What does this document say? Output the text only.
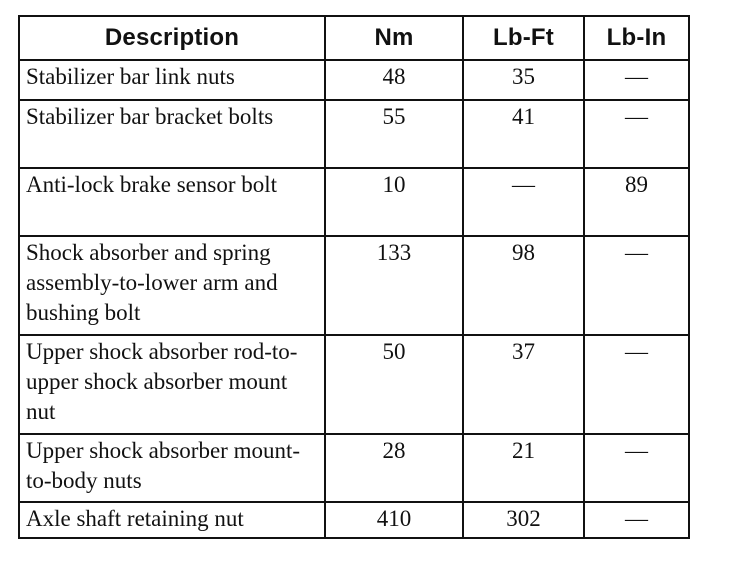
Description	Nm	Lb-Ft	Lb-In

Stabilizer bar link nuts	48	35	—

Stabilizer bar bracket bolts	55	41	—

Anti-lock brake sensor bolt	10	—	89

Shock absorber and spring assembly-to-lower arm and bushing bolt	133	98	—

Upper shock absorber rod-to-upper shock absorber mount nut	50	37	—

Upper shock absorber mount-to-body nuts	28	21	—

Axle shaft retaining nut	410	302	—
